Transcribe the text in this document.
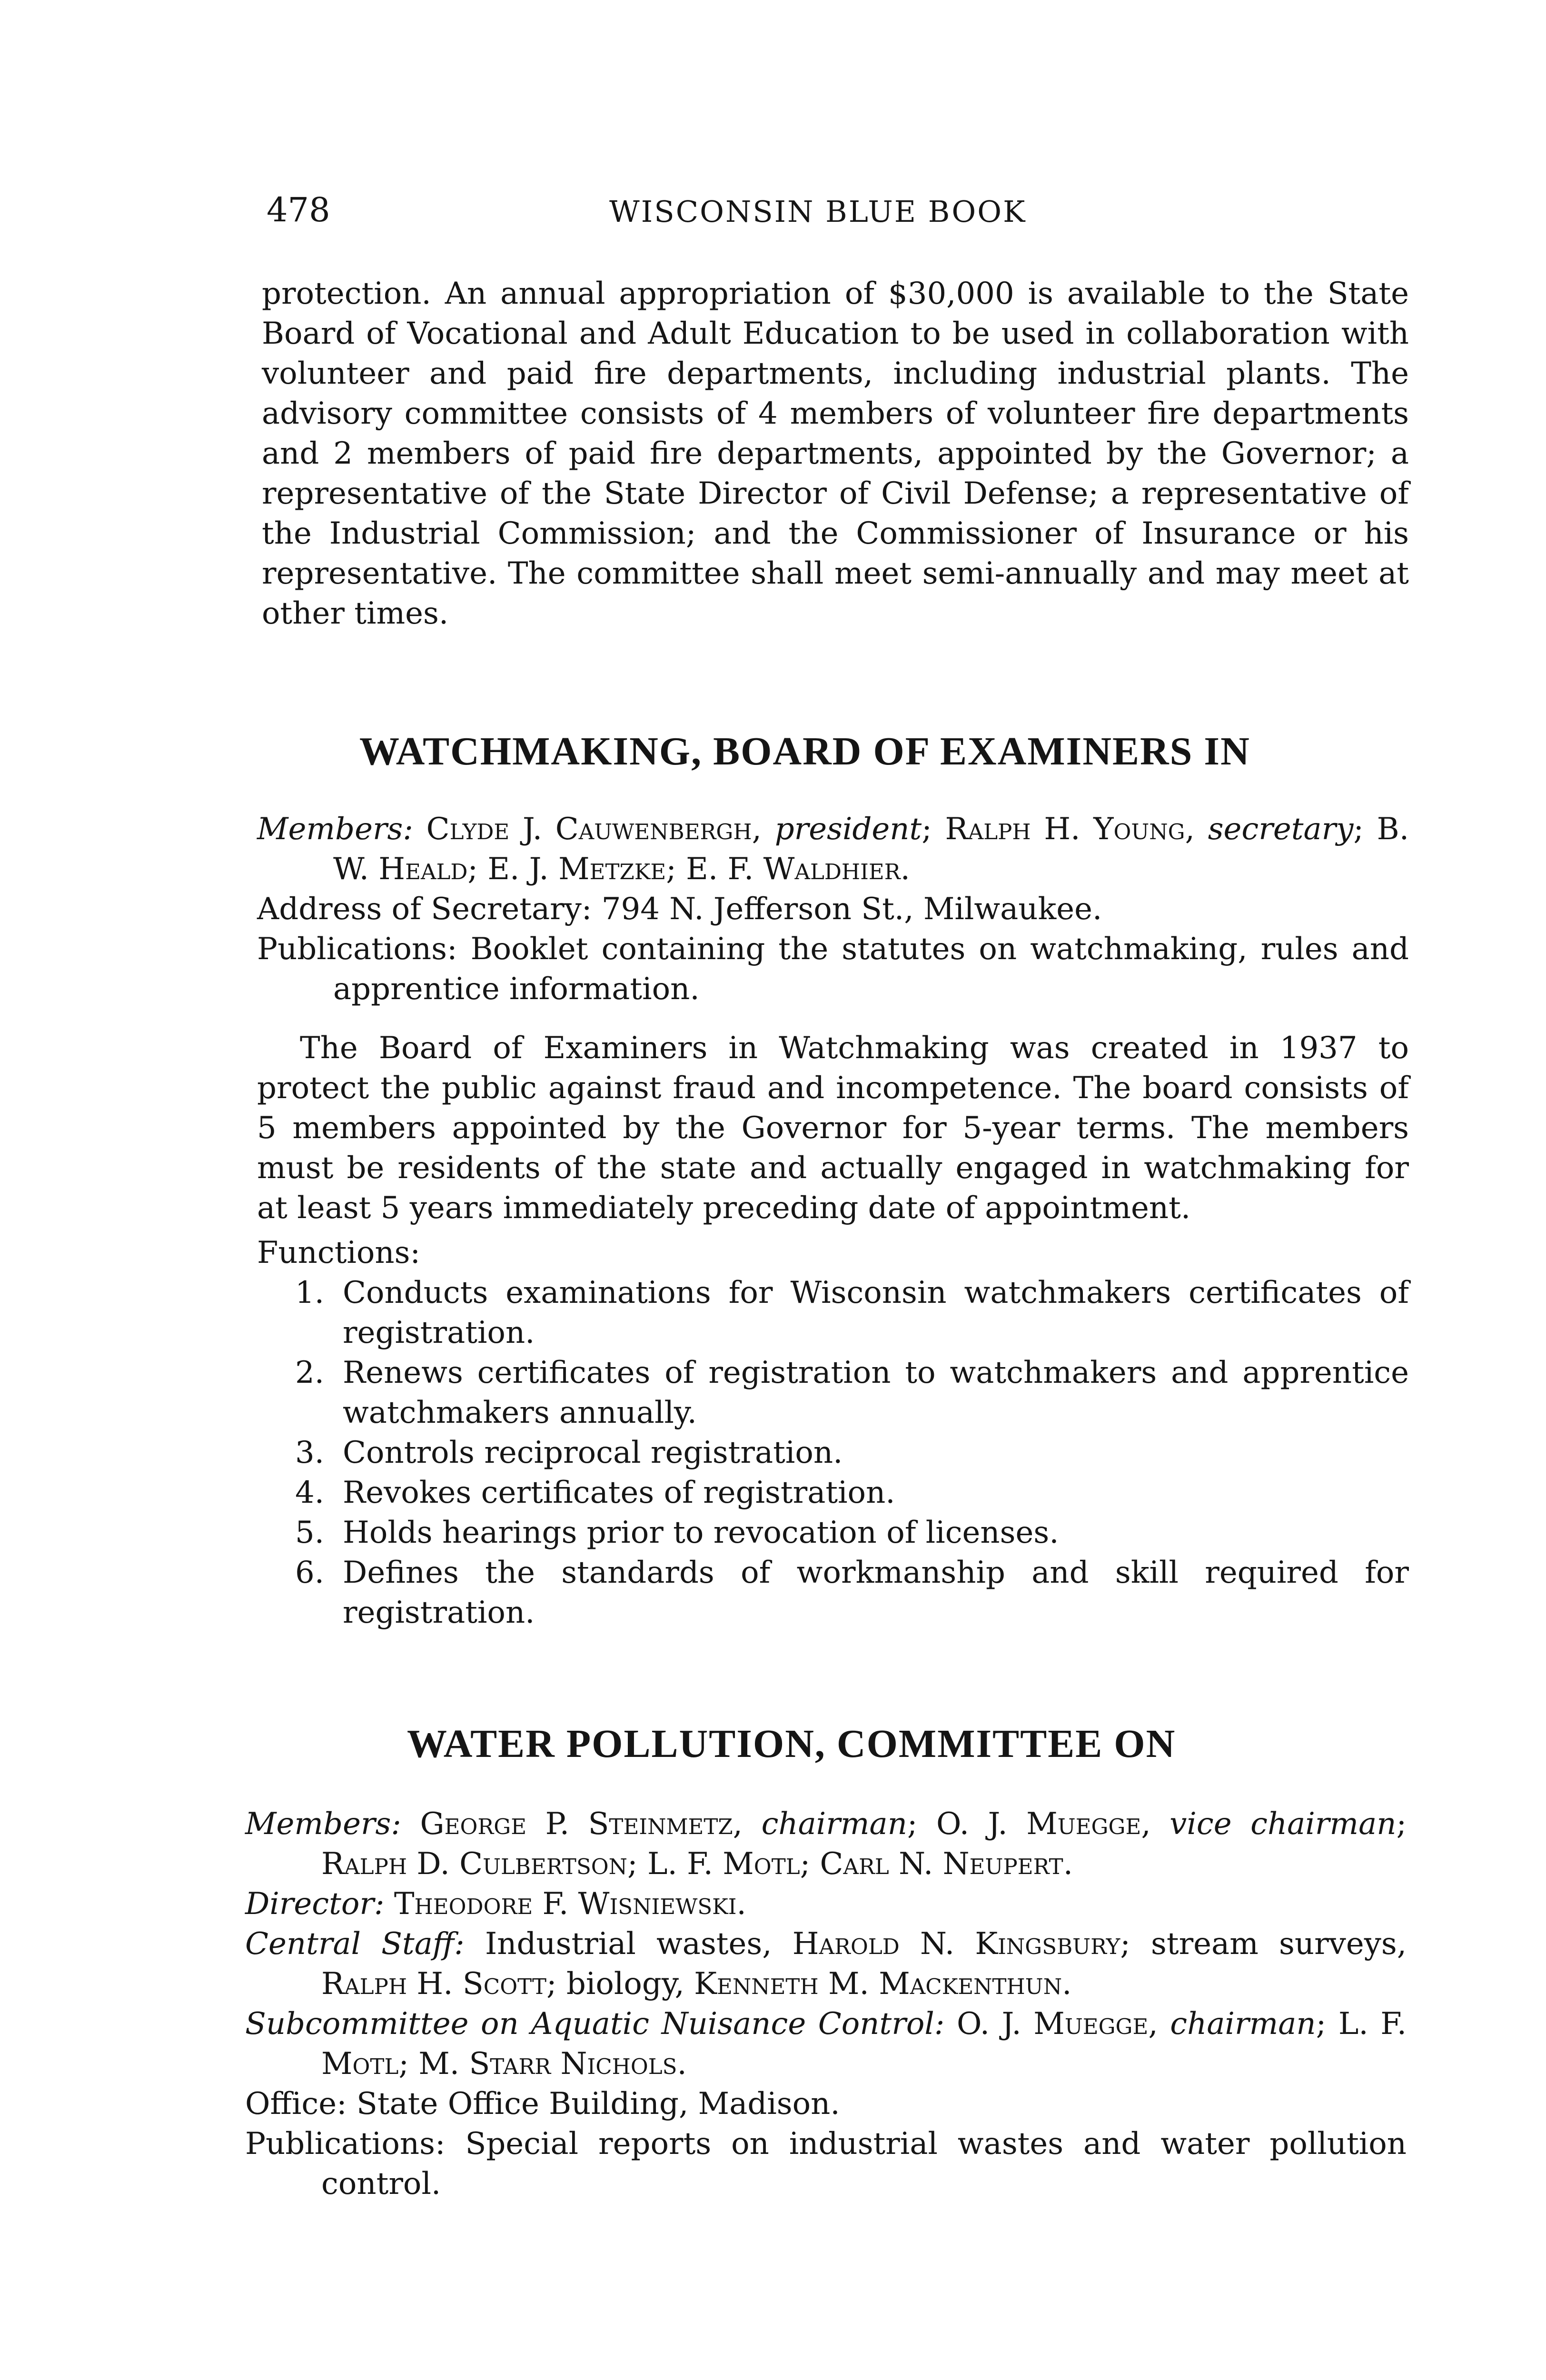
478	WISCONSIN BLUE BOOK

protection. An annual appropriation of $30,000 is available to the State Board of Vocational and Adult Education to be used in collaboration with volunteer and paid fire departments, including industrial plants. The advisory committee consists of 4 members of volunteer fire departments and 2 members of paid fire departments, appointed by the Governor; a representative of the State Director of Civil Defense; a representative of the Industrial Commission; and the Commissioner of Insurance or his representative. The committee shall meet semi-annually and may meet at other times.

WATCHMAKING, BOARD OF EXAMINERS IN

Members: Clyde J. Cauwenbergh, president; Ralph H. Young, secretary; B. W. Heald; E. J. Metzke; E. F. Waldhier.

Address of Secretary: 794 N. Jefferson St., Milwaukee.

Publications: Booklet containing the statutes on watchmaking, rules and apprentice information.

The Board of Examiners in Watchmaking was created in 1937 to protect the public against fraud and incompetence. The board consists of 5 members appointed by the Governor for 5-year terms. The members must be residents of the state and actually engaged in watchmaking for at least 5 years immediately preceding date of appointment.

Functions:

1. Conducts examinations for Wisconsin watchmakers certificates of registration.
2. Renews certificates of registration to watchmakers and apprentice watchmakers annually.
3. Controls reciprocal registration.
4. Revokes certificates of registration.
5. Holds hearings prior to revocation of licenses.
6. Defines the standards of workmanship and skill required for registration.
WATER POLLUTION, COMMITTEE ON

Members: George P. Steinmetz, chairman; O. J. Muegge, vice chairman; Ralph D. Culbertson; L. F. Motl; Carl N. Neupert.

Director: Theodore F. Wisniewski.

Central Staff: Industrial wastes, Harold N. Kingsbury; stream surveys, Ralph H. Scott; biology, Kenneth M. Mackenthun.

Subcommittee on Aquatic Nuisance Control: O. J. Muegge, chairman; L. F. Motl; M. Starr Nichols.

Office: State Office Building, Madison.

Publications: Special reports on industrial wastes and water pollution control.
